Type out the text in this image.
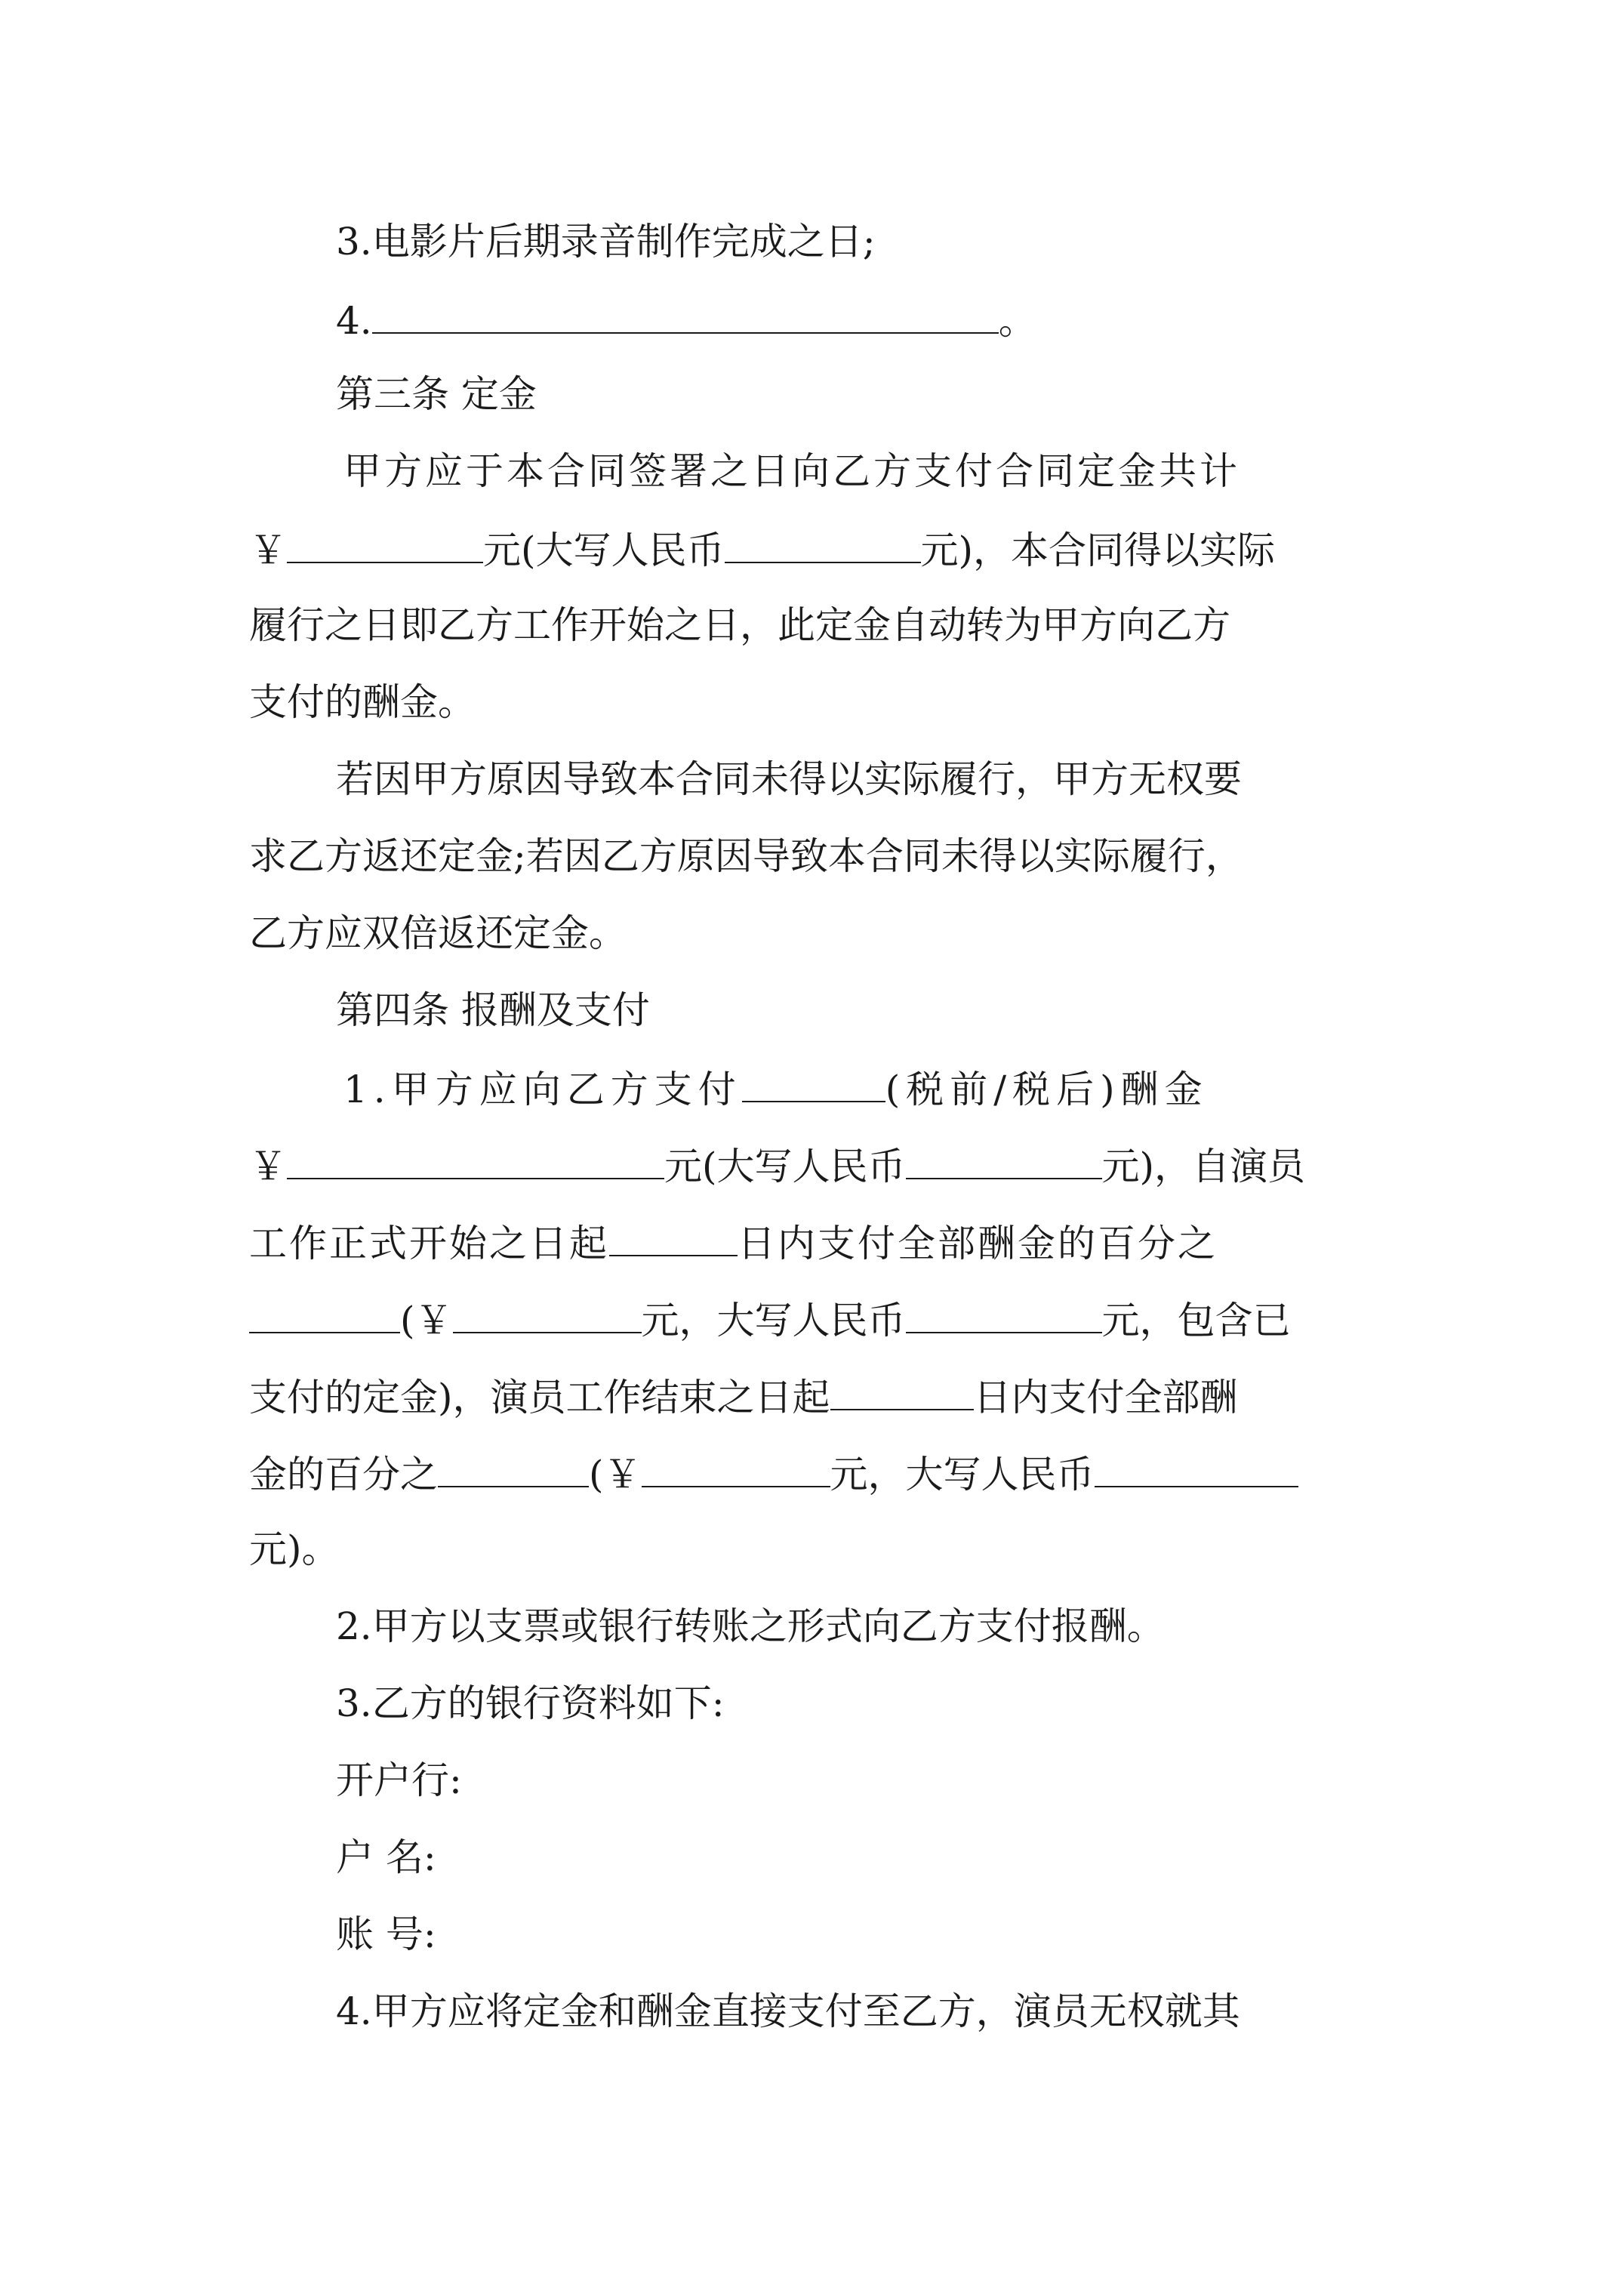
3.电影片后期录音制作完成之日;
4.	。
第三条 定金
甲方应于本合同签署之日向乙方支付合同定金共计
￥	元(大写人民币	元)，本合同得以实际
履行之日即乙方工作开始之日，此定金自动转为甲方向乙方
支付的酬金。
若因甲方原因导致本合同未得以实际履行，甲方无权要
求乙方返还定金;若因乙方原因导致本合同未得以实际履行，
乙方应双倍返还定金。
第四条 报酬及支付
1.甲方应向乙方支付	(税前/税后)酬金
￥	元(大写人民币	元)，自演员
工作正式开始之日起	日内支付全部酬金的百分之
(￥	元，大写人民币	元，包含已
支付的定金)，演员工作结束之日起	日内支付全部酬
金的百分之	(￥	元，大写人民币
元)。
2.甲方以支票或银行转账之形式向乙方支付报酬。
3.乙方的银行资料如下:
开户行:
户 名:
账 号:
4.甲方应将定金和酬金直接支付至乙方，演员无权就其
